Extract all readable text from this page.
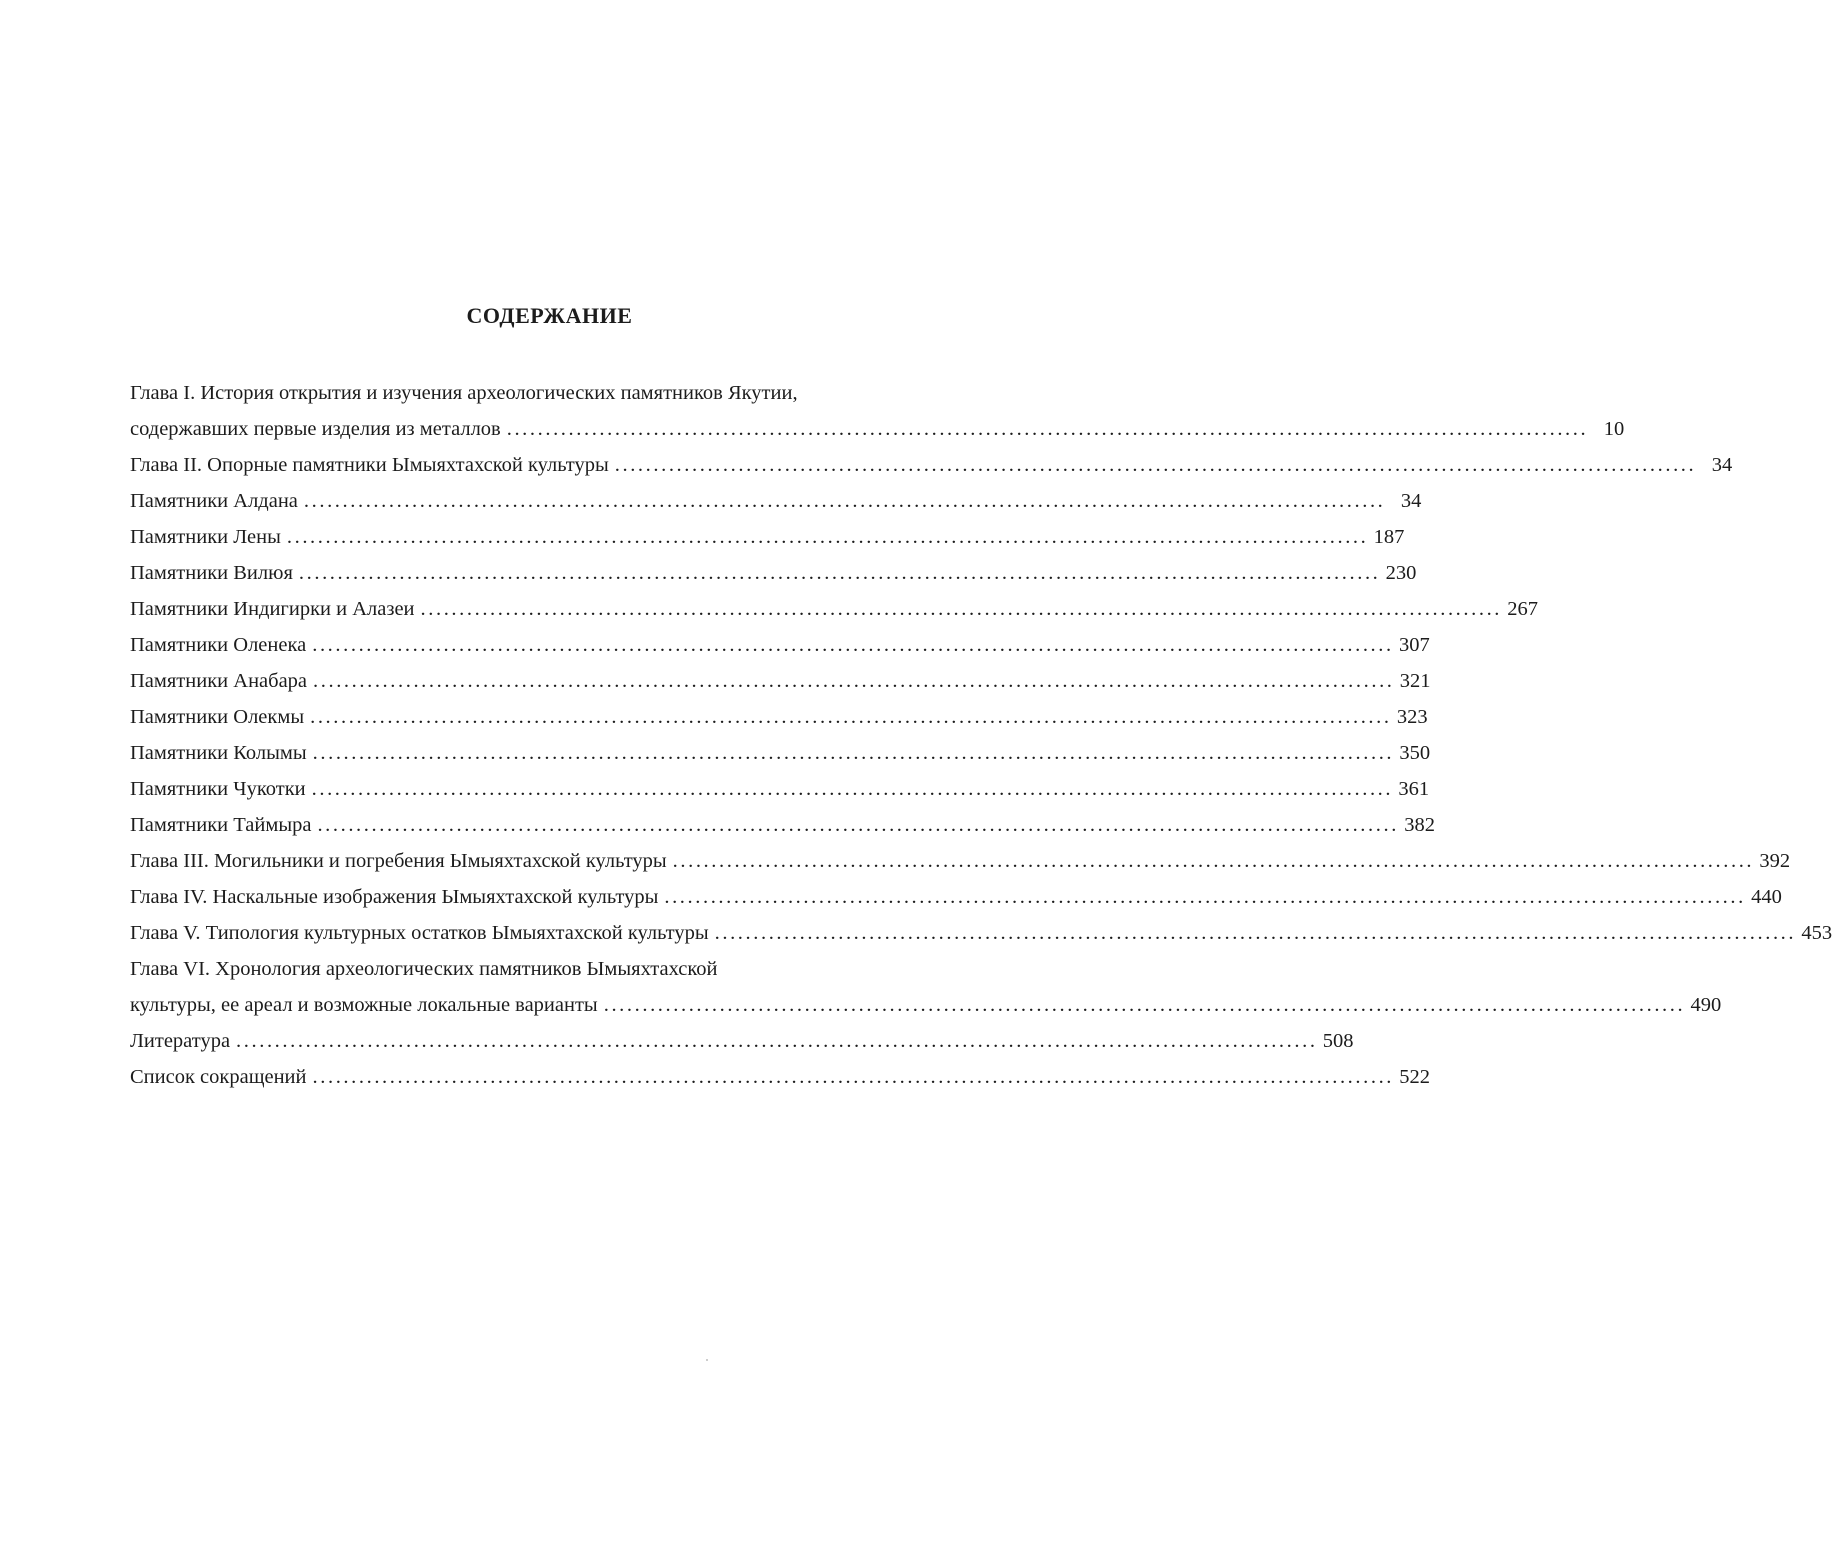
СОДЕРЖАНИЕ
Глава I. История открытия и изучения археологических памятников Якутии,
содержавших первые изделия из металлов ............................................................................................................................................ 10
Глава II. Опорные памятники Ымыяхтахской культуры ............................................................................................................................................ 34
Памятники Алдана ............................................................................................................................................ 34
Памятники Лены ............................................................................................................................................ 187
Памятники Вилюя ............................................................................................................................................ 230
Памятники Индигирки и Алазеи ............................................................................................................................................ 267
Памятники Оленека ............................................................................................................................................ 307
Памятники Анабара ............................................................................................................................................ 321
Памятники Олекмы ............................................................................................................................................ 323
Памятники Колымы ............................................................................................................................................ 350
Памятники Чукотки ............................................................................................................................................ 361
Памятники Таймыра ............................................................................................................................................ 382
Глава III. Могильники и погребения Ымыяхтахской культуры ............................................................................................................................................ 392
Глава IV. Наскальные изображения Ымыяхтахской культуры ............................................................................................................................................ 440
Глава V. Типология культурных остатков Ымыяхтахской культуры ............................................................................................................................................ 453
Глава VI. Хронология археологических памятников Ымыяхтахской
культуры, ее ареал и возможные локальные варианты ............................................................................................................................................ 490
Литература ............................................................................................................................................ 508
Список сокращений ............................................................................................................................................ 522
